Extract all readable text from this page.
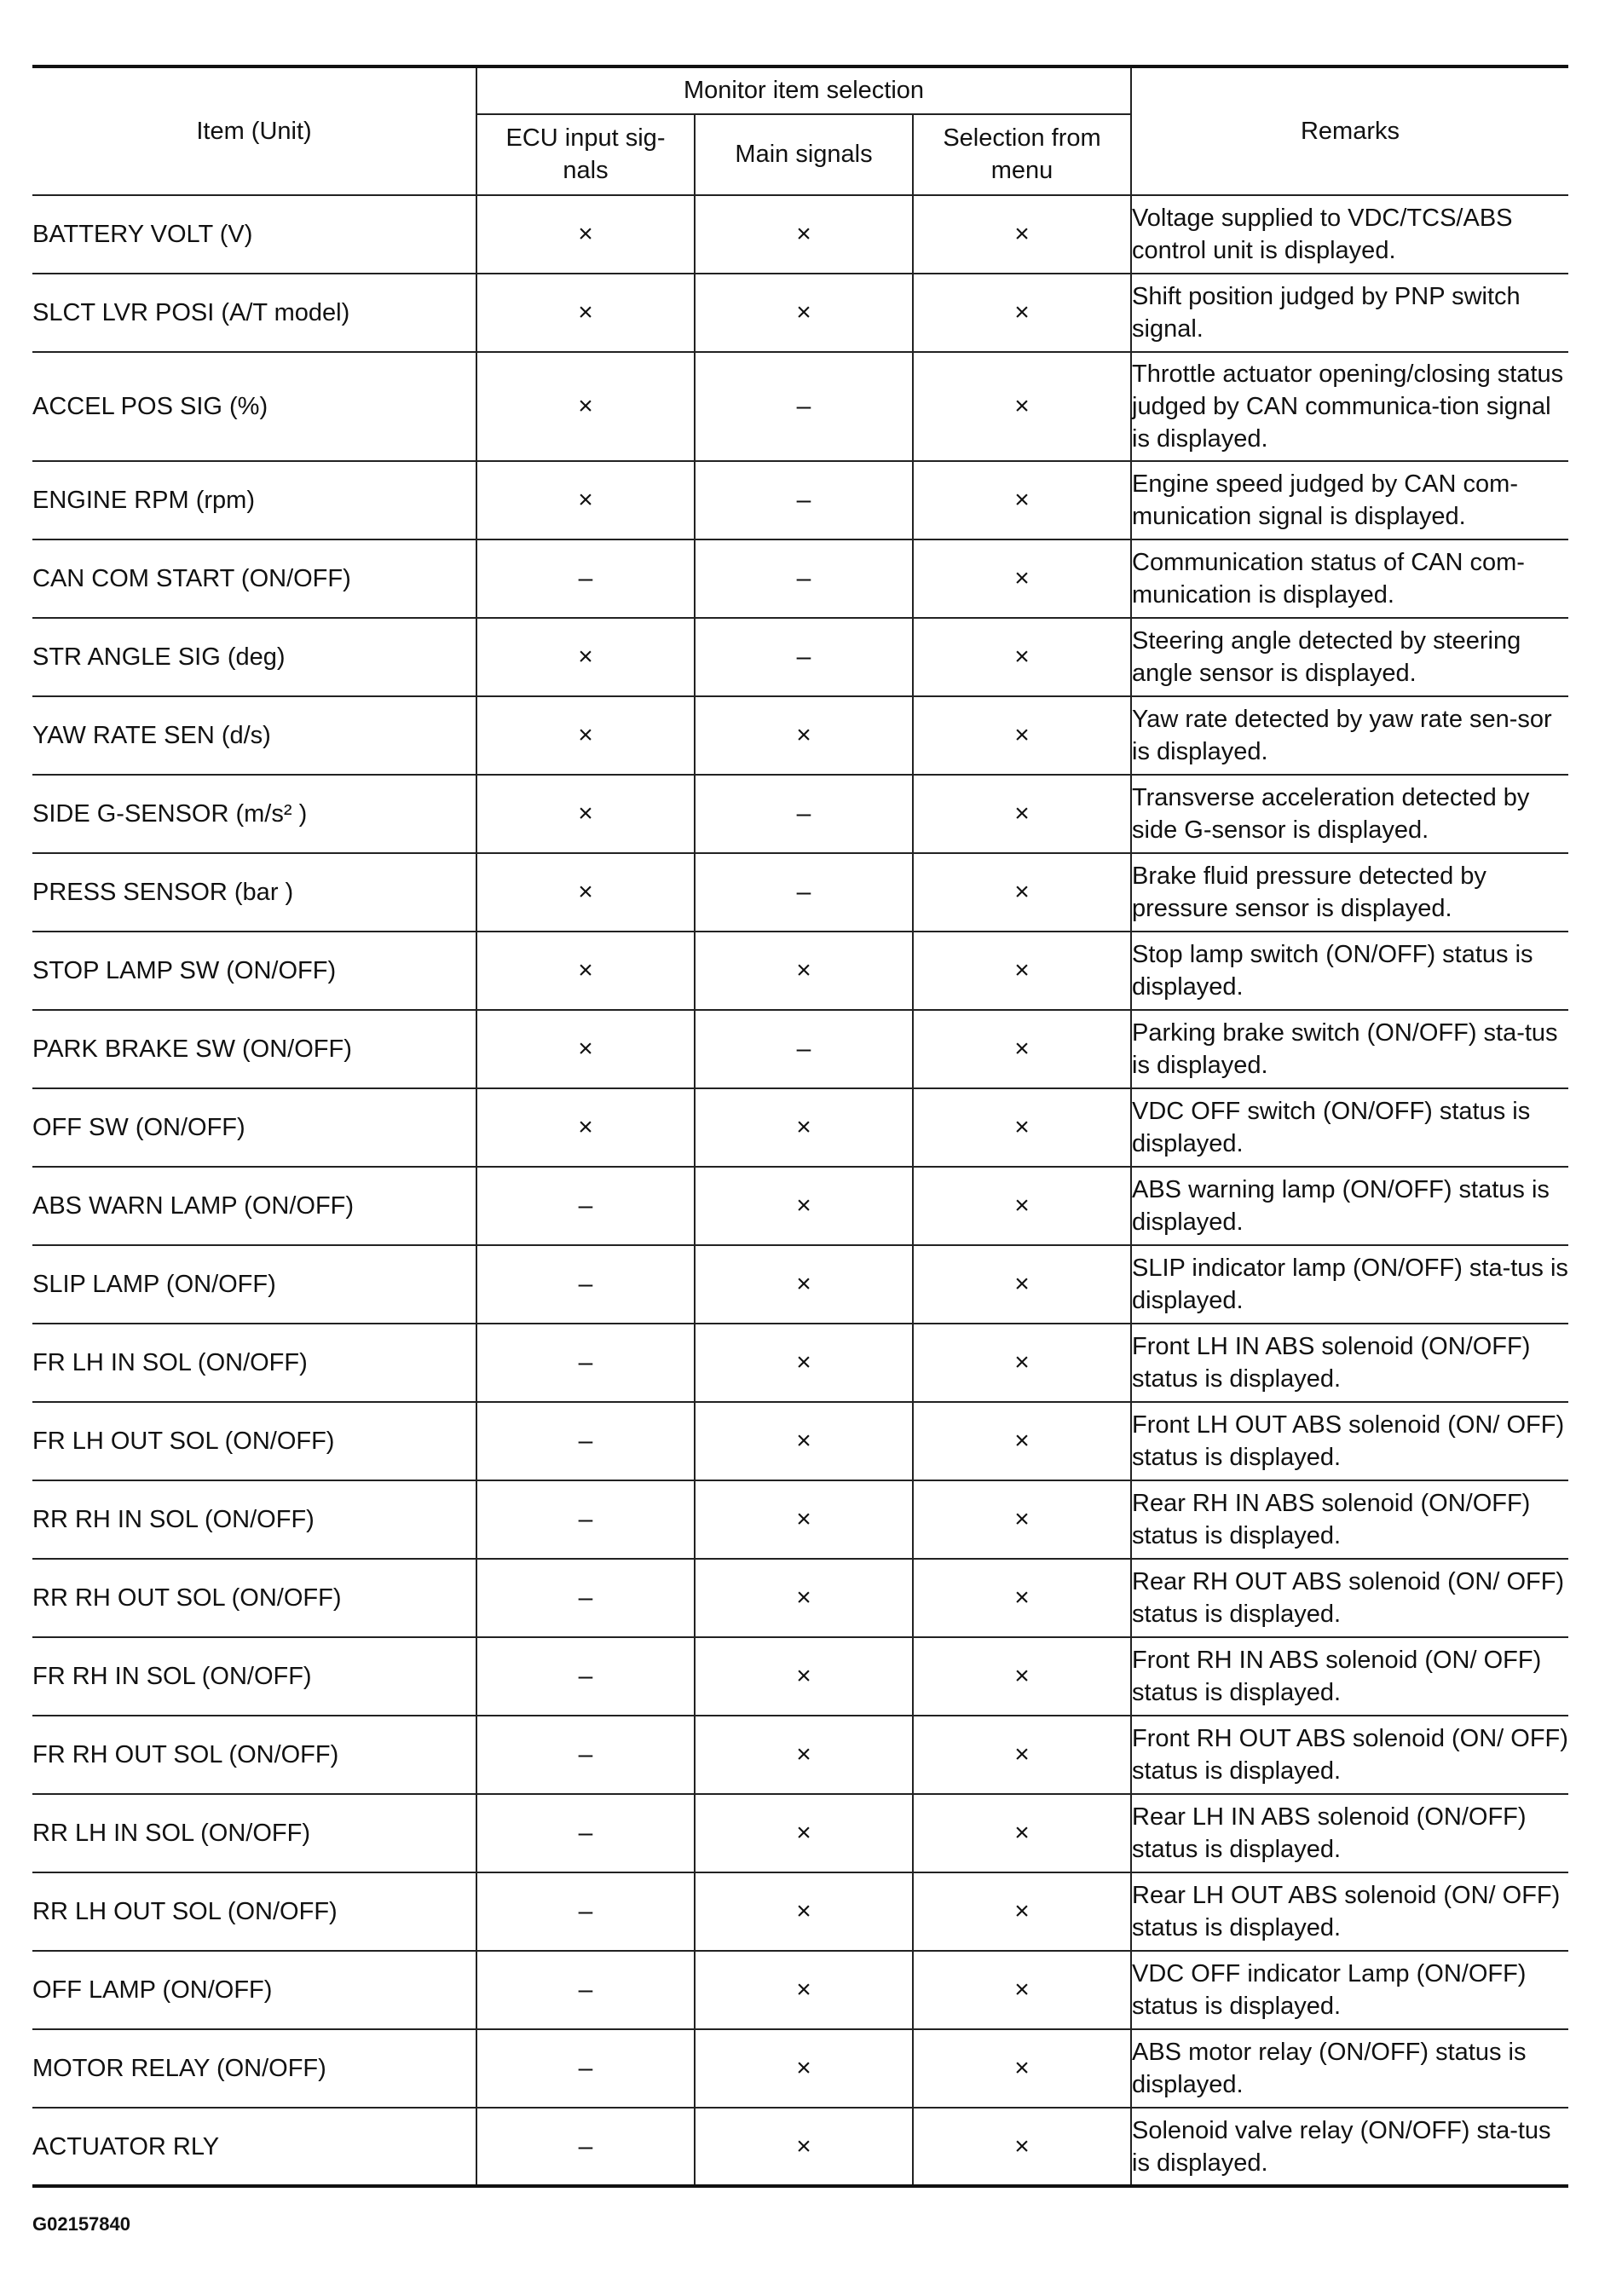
Item (Unit)	Monitor item selection			Remarks
	ECU input sig-
nals	Main signals	Selection from
menu	
BATTERY VOLT (V)	×	×	×	Voltage supplied to VDC/TCS/ABS control unit is displayed.
SLCT LVR POSI (A/T model)	×	×	×	Shift position judged by PNP switch signal.
ACCEL POS SIG (%)	×	–	×	Throttle actuator opening/closing status judged by CAN communica-tion signal is displayed.
ENGINE RPM (rpm)	×	–	×	Engine speed judged by CAN com-munication signal is displayed.
CAN COM START (ON/OFF)	–	–	×	Communication status of CAN com-munication is displayed.
STR ANGLE SIG (deg)	×	–	×	Steering angle detected by steering angle sensor is displayed.
YAW RATE SEN (d/s)	×	×	×	Yaw rate detected by yaw rate sen-sor is displayed.
SIDE G-SENSOR (m/s² )	×	–	×	Transverse acceleration detected by side G-sensor is displayed.
PRESS SENSOR (bar )	×	–	×	Brake fluid pressure detected by pressure sensor is displayed.
STOP LAMP SW (ON/OFF)	×	×	×	Stop lamp switch (ON/OFF) status is displayed.
PARK BRAKE SW (ON/OFF)	×	–	×	Parking brake switch (ON/OFF) sta-tus is displayed.
OFF SW (ON/OFF)	×	×	×	VDC OFF switch (ON/OFF) status is displayed.
ABS WARN LAMP (ON/OFF)	–	×	×	ABS warning lamp (ON/OFF) status is displayed.
SLIP LAMP (ON/OFF)	–	×	×	SLIP indicator lamp (ON/OFF) sta-tus is displayed.
FR LH IN SOL (ON/OFF)	–	×	×	Front LH IN ABS solenoid (ON/OFF) status is displayed.
FR LH OUT SOL (ON/OFF)	–	×	×	Front LH OUT ABS solenoid (ON/ OFF) status is displayed.
RR RH IN SOL (ON/OFF)	–	×	×	Rear RH IN ABS solenoid (ON/OFF) status is displayed.
RR RH OUT SOL (ON/OFF)	–	×	×	Rear RH OUT ABS solenoid (ON/ OFF) status is displayed.
FR RH IN SOL (ON/OFF)	–	×	×	Front RH IN ABS solenoid (ON/ OFF) status is displayed.
FR RH OUT SOL (ON/OFF)	–	×	×	Front RH OUT ABS solenoid (ON/ OFF) status is displayed.
RR LH IN SOL (ON/OFF)	–	×	×	Rear LH IN ABS solenoid (ON/OFF) status is displayed.
RR LH OUT SOL (ON/OFF)	–	×	×	Rear LH OUT ABS solenoid (ON/ OFF) status is displayed.
OFF LAMP (ON/OFF)	–	×	×	VDC OFF indicator Lamp (ON/OFF) status is displayed.
MOTOR RELAY (ON/OFF)	–	×	×	ABS motor relay (ON/OFF) status is displayed.
ACTUATOR RLY	–	×	×	Solenoid valve relay (ON/OFF) sta-tus is displayed.
G02157840
